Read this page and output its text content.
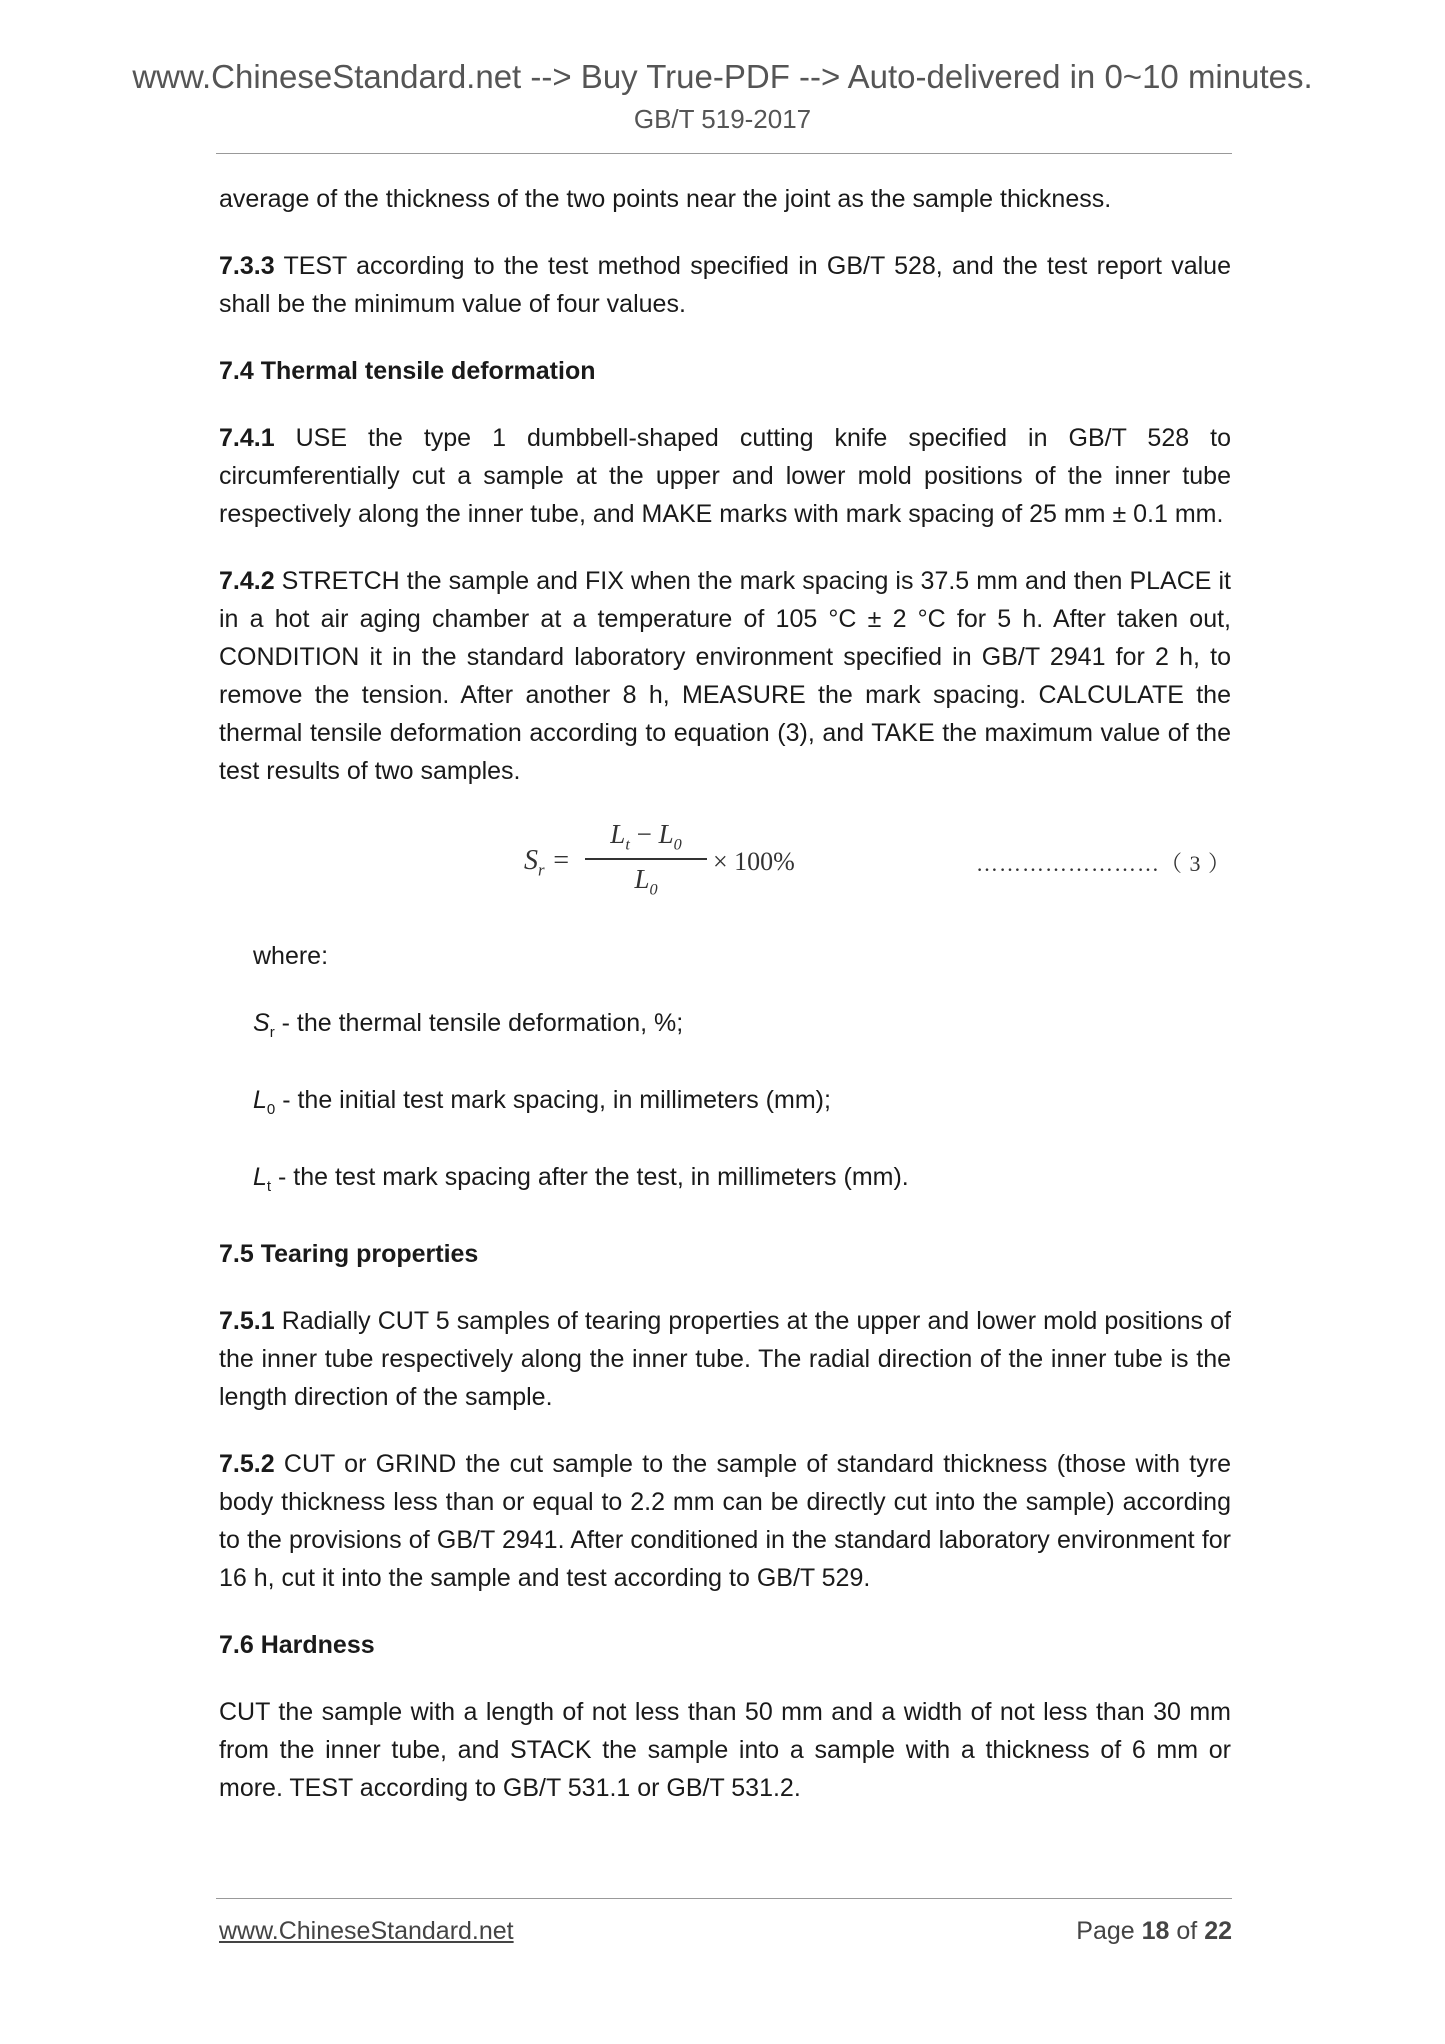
www.ChineseStandard.net --> Buy True-PDF --> Auto-delivered in 0~10 minutes.
GB/T 519-2017

average of the thickness of the two points near the joint as the sample thickness.

7.3.3 TEST according to the test method specified in GB/T 528, and the test report value shall be the minimum value of four values.

7.4 Thermal tensile deformation

7.4.1 USE the type 1 dumbbell-shaped cutting knife specified in GB/T 528 to circumferentially cut a sample at the upper and lower mold positions of the inner tube respectively along the inner tube, and MAKE marks with mark spacing of 25 mm ± 0.1 mm.

7.4.2 STRETCH the sample and FIX when the mark spacing is 37.5 mm and then PLACE it in a hot air aging chamber at a temperature of 105 °C ± 2 °C for 5 h. After taken out, CONDITION it in the standard laboratory environment specified in GB/T 2941 for 2 h, to remove the tension. After another 8 h, MEASURE the mark spacing. CALCULATE the thermal tensile deformation according to equation (3), and TAKE the maximum value of the test results of two samples.

$S_r$ =
$L_t - L_0$
$L_0$
× 100%	……………………（ 3 ）

where:

$S_r$ - the thermal tensile deformation, %;

$L_0$ - the initial test mark spacing, in millimeters (mm);

$L_t$ - the test mark spacing after the test, in millimeters (mm).

7.5 Tearing properties

7.5.1 Radially CUT 5 samples of tearing properties at the upper and lower mold positions of the inner tube respectively along the inner tube. The radial direction of the inner tube is the length direction of the sample.

7.5.2 CUT or GRIND the cut sample to the sample of standard thickness (those with tyre body thickness less than or equal to 2.2 mm can be directly cut into the sample) according to the provisions of GB/T 2941. After conditioned in the standard laboratory environment for 16 h, cut it into the sample and test according to GB/T 529.

7.6 Hardness

CUT the sample with a length of not less than 50 mm and a width of not less than 30 mm from the inner tube, and STACK the sample into a sample with a thickness of 6 mm or more. TEST according to GB/T 531.1 or GB/T 531.2.

www.ChineseStandard.net	Page 18 of 22
